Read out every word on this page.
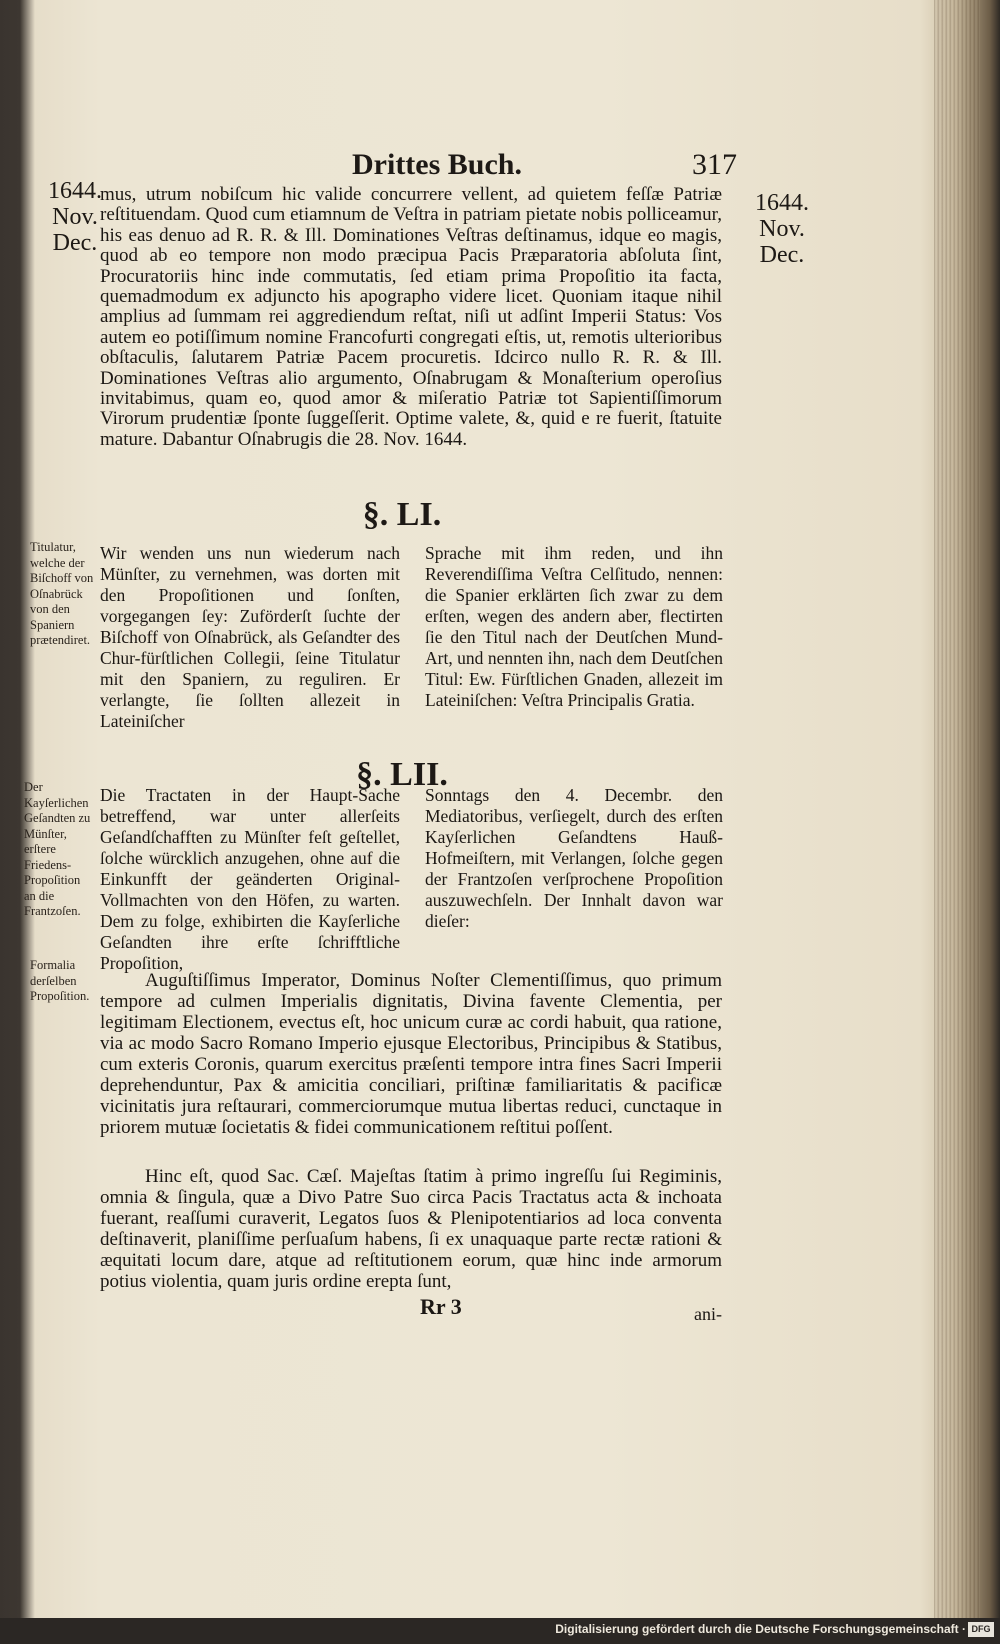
Drittes Buch.	317
1644.
Nov.
Dec.
1644.
Nov.
Dec.
mus, utrum nobiſcum hic valide concurrere vellent, ad quietem feſſæ Patriæ reſtituendam. Quod cum etiamnum de Veſtra in patriam pietate nobis polliceamur, his eas denuo ad R. R. & Ill. Dominationes Veſtras deſtinamus, idque eo magis, quod ab eo tempore non modo præcipua Pacis Præparatoria abſoluta ſint, Procuratoriis hinc inde commutatis, ſed etiam prima Propoſitio ita facta, quemadmodum ex adjuncto his apographo videre licet. Quoniam itaque nihil amplius ad ſummam rei aggrediendum reſtat, niſi ut adſint Imperii Status: Vos autem eo potiſſimum nomine Francofurti congregati eſtis, ut, remotis ulterioribus obſtaculis, ſalutarem Patriæ Pacem procuretis. Idcirco nullo R. R. & Ill. Dominationes Veſtras alio argumento, Oſnabrugam & Monaſterium operoſius invitabimus, quam eo, quod amor & miſeratio Patriæ tot Sapientiſſimorum Virorum prudentiæ ſponte ſuggeſſerit. Optime valete, &, quid e re fuerit, ſtatuite mature. Dabantur Oſnabrugis die 28. Nov. 1644.
§. LI.
Titulatur, welche der Biſchoff von Oſnabrück von den Spaniern prætendiret.
Wir wenden uns nun wiederum nach Münſter, zu vernehmen, was dorten mit den Propoſitionen und ſonſten, vorgegangen ſey: Zuförderſt ſuchte der Biſchoff von Oſnabrück, als Geſandter des Chur-fürſtlichen Collegii, ſeine Titulatur mit den Spaniern, zu reguliren. Er verlangte, ſie ſollten allezeit in Lateiniſcher
Sprache mit ihm reden, und ihn Reverendiſſima Veſtra Celſitudo, nennen: die Spanier erklärten ſich zwar zu dem erſten, wegen des andern aber, flectirten ſie den Titul nach der Deutſchen Mund-Art, und nennten ihn, nach dem Deutſchen Titul: Ew. Fürſtlichen Gnaden, allezeit im Lateiniſchen: Veſtra Principalis Gratia.
§. LII.
Der Kayſerlichen Geſandten zu Münſter, erſtere Friedens-Propoſition an die Frantzoſen.
Die Tractaten in der Haupt-Sache betreffend, war unter allerſeits Geſandſchafften zu Münſter feſt geſtellet, ſolche würcklich anzugehen, ohne auf die Einkunfft der geänderten Original-Vollmachten von den Höfen, zu warten. Dem zu folge, exhibirten die Kayſerliche Geſandten ihre erſte ſchrifftliche Propoſition,
Sonntags den 4. Decembr. den Mediatoribus, verſiegelt, durch des erſten Kayſerlichen Geſandtens Hauß-Hofmeiſtern, mit Verlangen, ſolche gegen der Frantzoſen verſprochene Propoſition auszuwechſeln. Der Innhalt davon war dieſer:
Formalia derſelben Propoſition.
Auguſtiſſimus Imperator, Dominus Noſter Clementiſſimus, quo primum tempore ad culmen Imperialis dignitatis, Divina favente Clementia, per legitimam Electionem, evectus eſt, hoc unicum curæ ac cordi habuit, qua ratione, via ac modo Sacro Romano Imperio ejusque Electoribus, Principibus & Statibus, cum exteris Coronis, quarum exercitus præſenti tempore intra fines Sacri Imperii deprehenduntur, Pax & amicitia conciliari, priſtinæ familiaritatis & pacificæ vicinitatis jura reſtaurari, commerciorumque mutua libertas reduci, cunctaque in priorem mutuæ ſocietatis & fidei communicationem reſtitui poſſent.
Hinc eſt, quod Sac. Cæſ. Majeſtas ſtatim à primo ingreſſu ſui Regiminis, omnia & ſingula, quæ a Divo Patre Suo circa Pacis Tractatus acta & inchoata fuerant, reaſſumi curaverit, Legatos ſuos & Plenipotentiarios ad loca conventa deſtinaverit, planiſſime perſuaſum habens, ſi ex unaquaque parte rectæ rationi & æquitati locum dare, atque ad reſtitutionem eorum, quæ hinc inde armorum potius violentia, quam juris ordine erepta ſunt,
Rr 3	ani-
Digitalisierung gefördert durch die Deutsche Forschungsgemeinschaft · DFG
